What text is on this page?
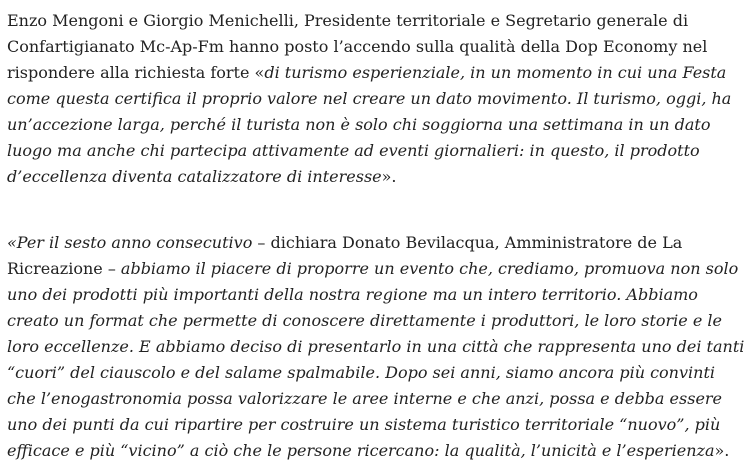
Enzo Mengoni e Giorgio Menichelli, Presidente territoriale e Segretario generale di
Confartigianato Mc-Ap-Fm hanno posto l’accendo sulla qualità della Dop Economy nel
rispondere alla richiesta forte «di turismo esperienziale, in un momento in cui una Festa
come questa certifica il proprio valore nel creare un dato movimento. Il turismo, oggi, ha
un’accezione larga, perché il turista non è solo chi soggiorna una settimana in un dato
luogo ma anche chi partecipa attivamente ad eventi giornalieri: in questo, il prodotto
d’eccellenza diventa catalizzatore di interesse».

«Per il sesto anno consecutivo – dichiara Donato Bevilacqua, Amministratore de La
Ricreazione – abbiamo il piacere di proporre un evento che, crediamo, promuova non solo
uno dei prodotti più importanti della nostra regione ma un intero territorio. Abbiamo
creato un format che permette di conoscere direttamente i produttori, le loro storie e le
loro eccellenze. E abbiamo deciso di presentarlo in una città che rappresenta uno dei tanti
“cuori” del ciauscolo e del salame spalmabile. Dopo sei anni, siamo ancora più convinti
che l’enogastronomia possa valorizzare le aree interne e che anzi, possa e debba essere
uno dei punti da cui ripartire per costruire un sistema turistico territoriale “nuovo”, più
efficace e più “vicino” a ciò che le persone ricercano: la qualità, l’unicità e l’esperienza».
